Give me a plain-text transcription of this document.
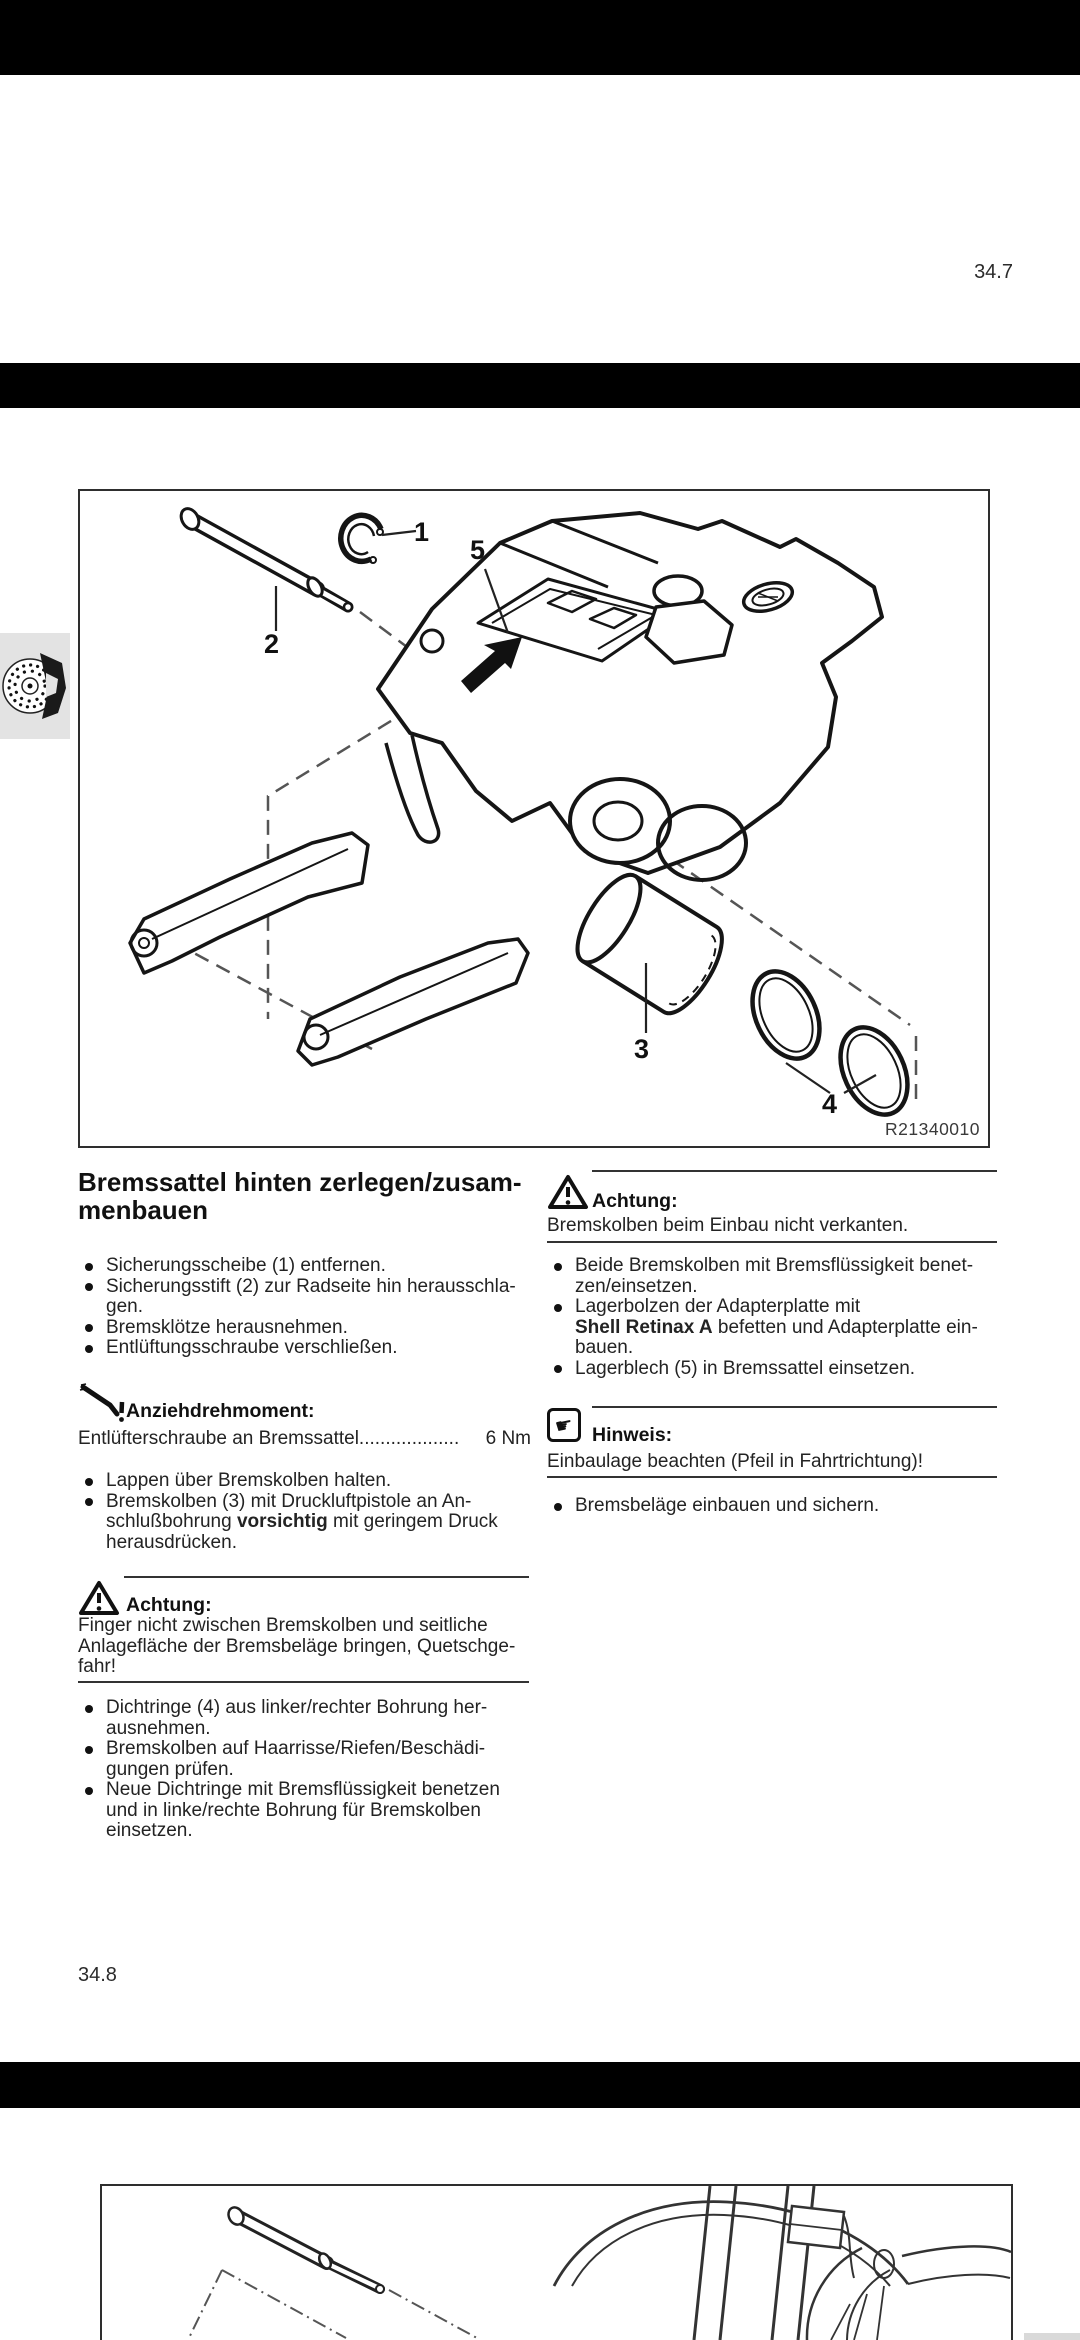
34.7
1
2
5
3
4
R21340010
Bremssattel hinten zerlegen/zusam-
menbauen
Sicherungsscheibe (1) entfernen.
Sicherungsstift (2) zur Radseite hin herausschla-gen.
Bremsklötze herausnehmen.
Entlüftungsschraube verschließen.
Anziehdrehmoment:
Entlüfterschraube an Bremssattel ...................	6 Nm
Lappen über Bremskolben halten.
Bremskolben (3) mit Druckluftpistole an An-schlußbohrung vorsichtig mit geringem Druck herausdrücken.
Achtung:
Finger nicht zwischen Bremskolben und seitliche Anlagefläche der Bremsbeläge bringen, Quetschge-fahr!
Dichtringe (4) aus linker/rechter Bohrung her-ausnehmen.
Bremskolben auf Haarrisse/Riefen/Beschädi-gungen prüfen.
Neue Dichtringe mit Bremsflüssigkeit benetzen und in linke/rechte Bohrung für Bremskolben einsetzen.
34.8
Achtung:
Bremskolben beim Einbau nicht verkanten.
Beide Bremskolben mit Bremsflüssigkeit benet-zen/einsetzen.
Lagerbolzen der Adapterplatte mit
Shell Retinax A befetten und Adapterplatte ein-bauen.
Lagerblech (5) in Bremssattel einsetzen.
☛ Hinweis:
Einbaulage beachten (Pfeil in Fahrtrichtung)!
Bremsbeläge einbauen und sichern.
